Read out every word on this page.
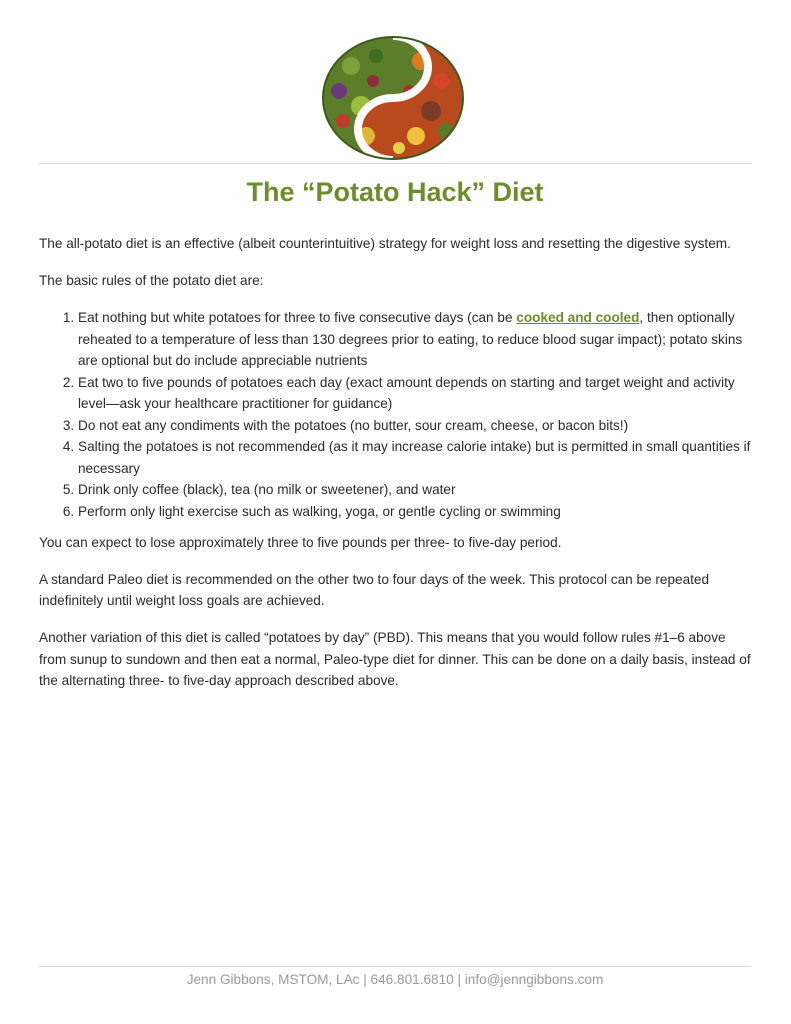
The “Potato Hack” Diet

The all-potato diet is an effective (albeit counterintuitive) strategy for weight loss and resetting the digestive system.

The basic rules of the potato diet are:

1. Eat nothing but white potatoes for three to five consecutive days (can be cooked and cooled, then optionally reheated to a temperature of less than 130 degrees prior to eating, to reduce blood sugar impact); potato skins are optional but do include appreciable nutrients
2. Eat two to five pounds of potatoes each day (exact amount depends on starting and target weight and activity level—ask your healthcare practitioner for guidance)
3. Do not eat any condiments with the potatoes (no butter, sour cream, cheese, or bacon bits!)
4. Salting the potatoes is not recommended (as it may increase calorie intake) but is permitted in small quantities if necessary
5. Drink only coffee (black), tea (no milk or sweetener), and water
6. Perform only light exercise such as walking, yoga, or gentle cycling or swimming

You can expect to lose approximately three to five pounds per three- to five-day period.

A standard Paleo diet is recommended on the other two to four days of the week. This protocol can be repeated indefinitely until weight loss goals are achieved.

Another variation of this diet is called “potatoes by day” (PBD). This means that you would follow rules #1–6 above from sunup to sundown and then eat a normal, Paleo-type diet for dinner. This can be done on a daily basis, instead of the alternating three- to five-day approach described above.

Jenn Gibbons, MSTOM, LAc | 646.801.6810 | info@jenngibbons.com
